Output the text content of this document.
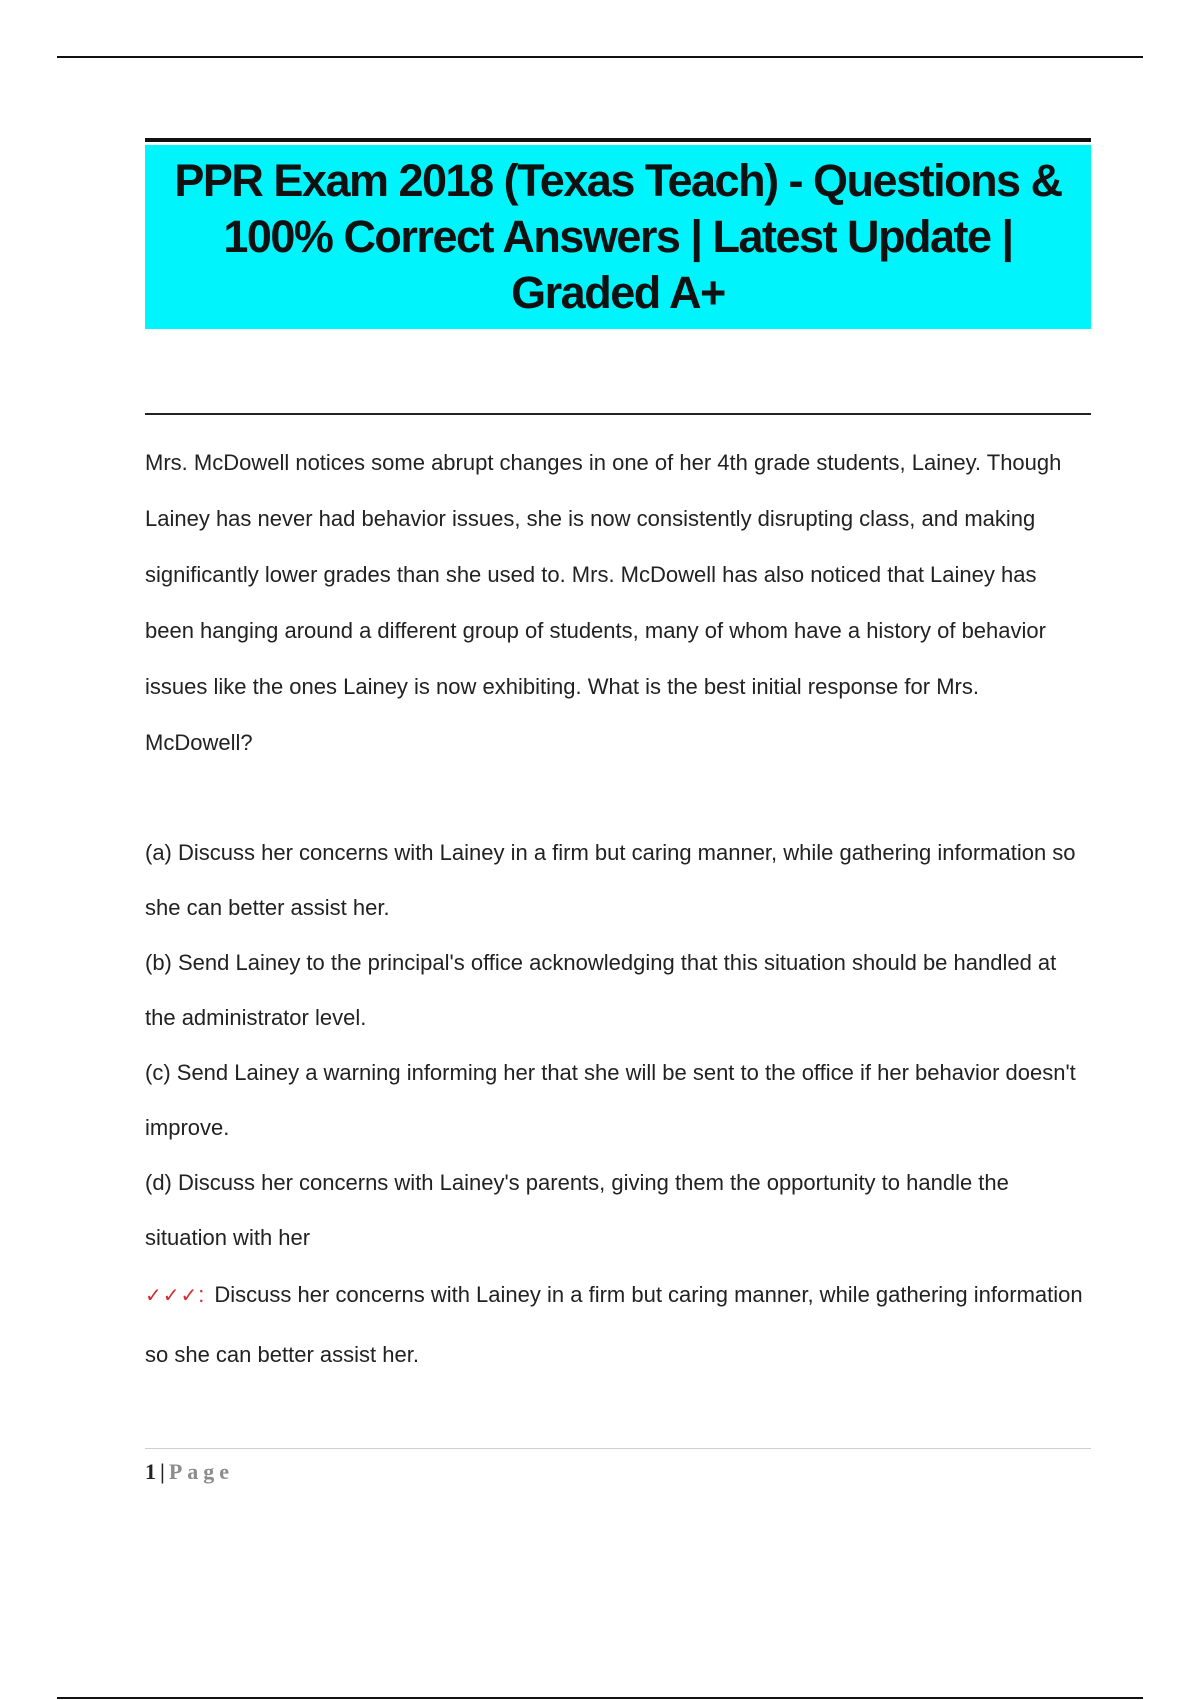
PPR Exam 2018 (Texas Teach) - Questions & 100% Correct Answers | Latest Update | Graded A+

Mrs. McDowell notices some abrupt changes in one of her 4th grade students, Lainey. Though Lainey has never had behavior issues, she is now consistently disrupting class, and making significantly lower grades than she used to. Mrs. McDowell has also noticed that Lainey has been hanging around a different group of students, many of whom have a history of behavior issues like the ones Lainey is now exhibiting. What is the best initial response for Mrs. McDowell?

(a) Discuss her concerns with Lainey in a firm but caring manner, while gathering information so she can better assist her.

(b) Send Lainey to the principal's office acknowledging that this situation should be handled at the administrator level.

(c) Send Lainey a warning informing her that she will be sent to the office if her behavior doesn't improve.

(d) Discuss her concerns with Lainey's parents, giving them the opportunity to handle the situation with her

✓✓✓: Discuss her concerns with Lainey in a firm but caring manner, while gathering information so she can better assist her.

1 | Page
